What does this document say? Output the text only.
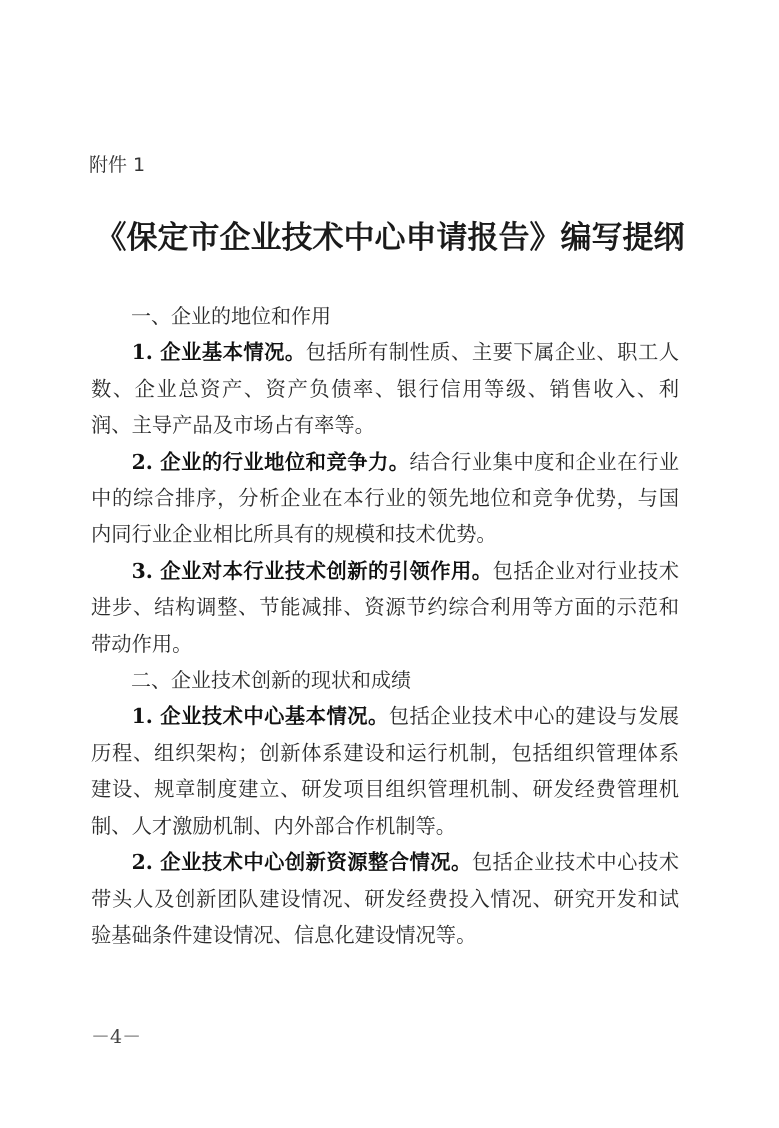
附件 1
《保定市企业技术中心申请报告》编写提纲

一、企业的地位和作用

1. 企业基本情况。包括所有制性质、主要下属企业、职工人数、企业总资产、资产负债率、银行信用等级、销售收入、利润、主导产品及市场占有率等。

2. 企业的行业地位和竞争力。结合行业集中度和企业在行业中的综合排序，分析企业在本行业的领先地位和竞争优势，与国内同行业企业相比所具有的规模和技术优势。

3. 企业对本行业技术创新的引领作用。包括企业对行业技术进步、结构调整、节能减排、资源节约综合利用等方面的示范和带动作用。

二、企业技术创新的现状和成绩

1. 企业技术中心基本情况。包括企业技术中心的建设与发展历程、组织架构；创新体系建设和运行机制，包括组织管理体系建设、规章制度建立、研发项目组织管理机制、研发经费管理机制、人才激励机制、内外部合作机制等。

2. 企业技术中心创新资源整合情况。包括企业技术中心技术带头人及创新团队建设情况、研发经费投入情况、研究开发和试验基础条件建设情况、信息化建设情况等。

－4－
